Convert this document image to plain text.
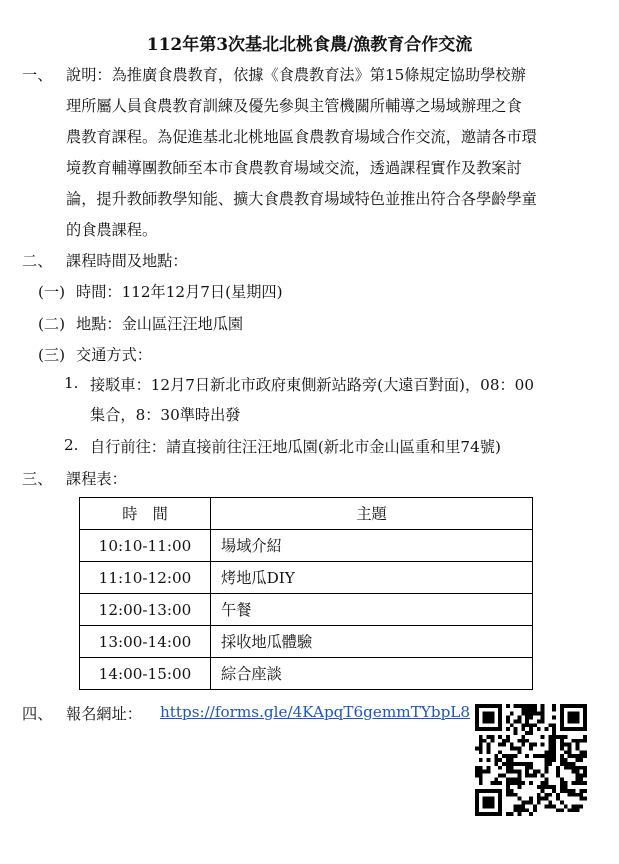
112年第3次基北北桃食農/漁教育合作交流
一、 說明：為推廣食農教育，依據《食農教育法》第15條規定協助學校辦
理所屬人員食農教育訓練及優先參與主管機關所輔導之場域辦理之食
農教育課程。為促進基北北桃地區食農教育場域合作交流，邀請各市環
境教育輔導團教師至本市食農教育場域交流，透過課程實作及教案討
論，提升教師教學知能、擴大食農教育場域特色並推出符合各學齡學童
的食農課程。
二、 課程時間及地點：
(一) 時間：112年12月7日(星期四)
(二) 地點：金山區汪汪地瓜園
(三) 交通方式：
1. 接駁車：12月7日新北市政府東側新站路旁(大遠百對面)，08：00
集合，8：30準時出發
2. 自行前往：請直接前往汪汪地瓜園(新北市金山區重和里74號)
三、 課程表：
時　間	主題
10:10-11:00	場域介紹
11:10-12:00	烤地瓜DIY
12:00-13:00	午餐
13:00-14:00	採收地瓜體驗
14:00-15:00	綜合座談
四、 報名網址： https://forms.gle/4KApqT6gemmTYbpL8
